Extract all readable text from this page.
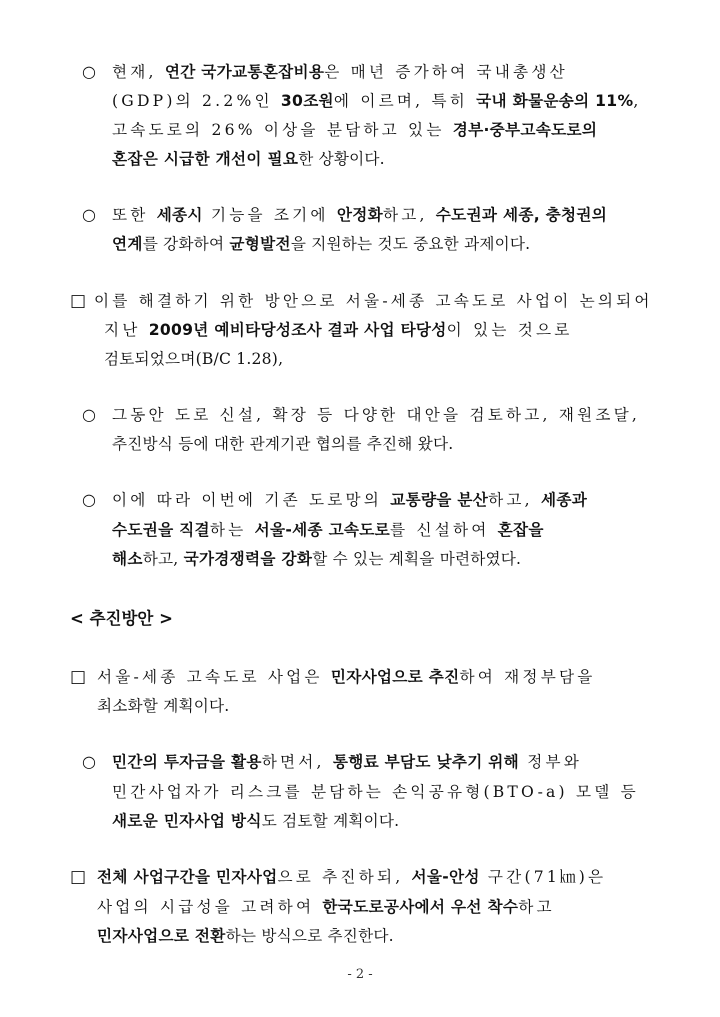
○ 현재, 연간 국가교통혼잡비용은 매년 증가하여 국내총생산
(GDP)의 2.2%인 30조원에 이르며, 특히 국내 화물운송의 11%,
고속도로의 26% 이상을 분담하고 있는 경부·중부고속도로의
혼잡은 시급한 개선이 필요한 상황이다.
○ 또한 세종시 기능을 조기에 안정화하고, 수도권과 세종, 충청권의
연계를 강화하여 균형발전을 지원하는 것도 중요한 과제이다.
□ 이를 해결하기 위한 방안으로 서울-세종 고속도로 사업이 논의되어
지난 2009년 예비타당성조사 결과 사업 타당성이 있는 것으로
검토되었으며(B/C 1.28),
○ 그동안 도로 신설, 확장 등 다양한 대안을 검토하고, 재원조달,
추진방식 등에 대한 관계기관 협의를 추진해 왔다.
○ 이에 따라 이번에 기존 도로망의 교통량을 분산하고, 세종과
수도권을 직결하는 서울-세종 고속도로를 신설하여 혼잡을
해소하고, 국가경쟁력을 강화할 수 있는 계획을 마련하였다.
□ 서울-세종 고속도로 사업은 민자사업으로 추진하여 재정부담을
최소화할 계획이다.
○ 민간의 투자금을 활용하면서, 통행료 부담도 낮추기 위해 정부와
민간사업자가 리스크를 분담하는 손익공유형(BTO-a) 모델 등
새로운 민자사업 방식도 검토할 계획이다.
□ 전체 사업구간을 민자사업으로 추진하되, 서울-안성 구간(71㎞)은
사업의 시급성을 고려하여 한국도로공사에서 우선 착수하고
민자사업으로 전환하는 방식으로 추진한다.
< 추진방안 >
- 2 -
